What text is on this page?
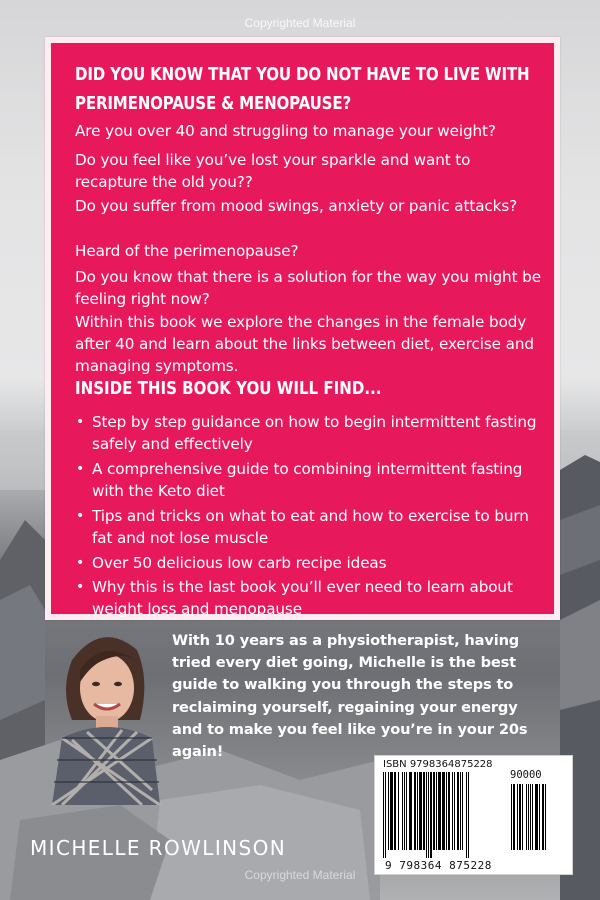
Copyrighted Material
DID YOU KNOW THAT YOU DO NOT HAVE TO LIVE WITH
PERIMENOPAUSE & MENOPAUSE?

Are you over 40 and struggling to manage your weight?

Do you feel like you’ve lost your sparkle and want to recapture the old you??

Do you suffer from mood swings, anxiety or panic attacks?

Heard of the perimenopause?

Do you know that there is a solution for the way you might be feeling right now?

Within this book we explore the changes in the female body after 40 and learn about the links between diet, exercise and managing symptoms.

INSIDE THIS BOOK YOU WILL FIND...
• Step by step guidance on how to begin intermittent fasting safely and effectively
• A comprehensive guide to combining intermittent fasting with the Keto diet
• Tips and tricks on what to eat and how to exercise to burn fat and not lose muscle
• Over 50 delicious low carb recipe ideas
• Why this is the last book you’ll ever need to learn about weight loss and menopause
With 10 years as a physiotherapist, having tried every diet going, Michelle is the best guide to walking you through the steps to reclaiming yourself, regaining your energy and to make you feel like you’re in your 20s again!
MICHELLE ROWLINSON
ISBN 9798364875228
90000
9 798364 875228
Copyrighted Material
